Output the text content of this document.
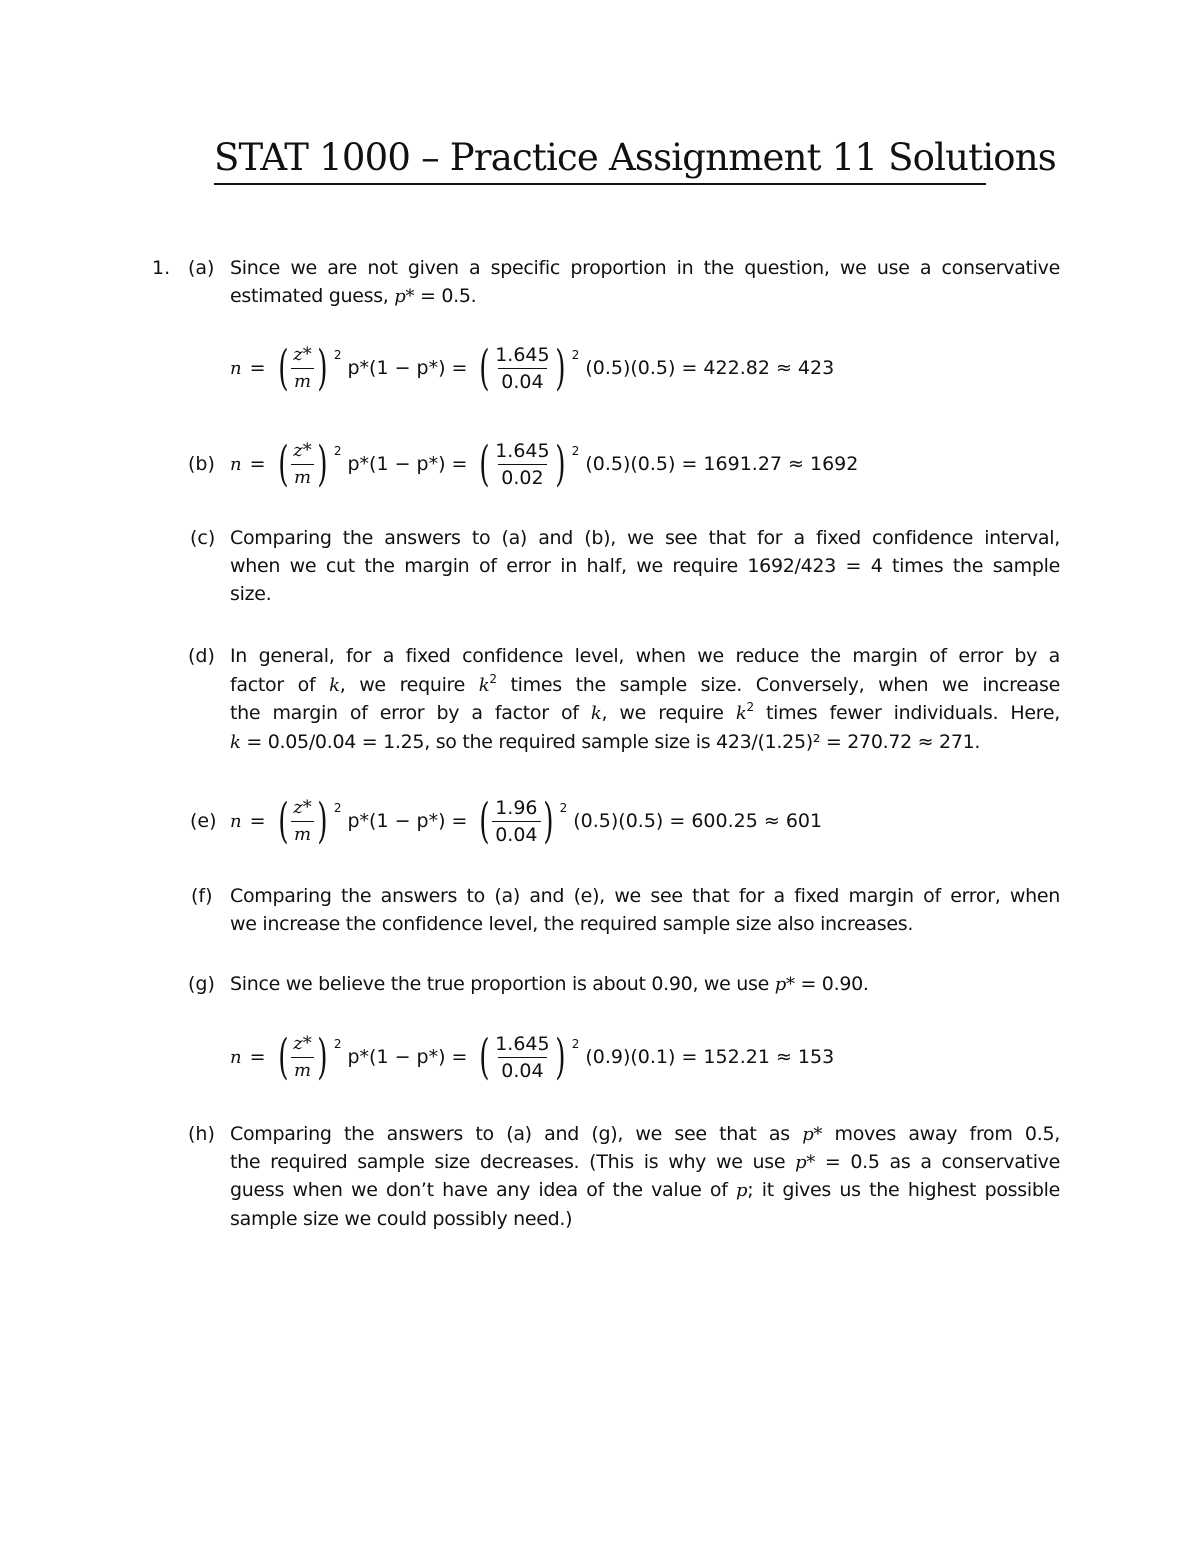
STAT 1000 – Practice Assignment 11 Solutions
1. (a) Since we are not given a specific proportion in the question, we use a conservative
estimated guess, p* = 0.5.
n = ( $\frac{z*}{m}$ ) 2
p*(1 − p*) = ( $\frac{1.645}{0.04}$ ) 2
(0.5)(0.5) = 422.82 ≈ 423
(b) n = ( $\frac{z*}{m}$ ) 2
p*(1 − p*) = ( $\frac{1.645}{0.02}$ ) 2
(0.5)(0.5) = 1691.27 ≈ 1692
(c) Comparing the answers to (a) and (b), we see that for a fixed confidence interval,
when we cut the margin of error in half, we require 1692/423 = 4 times the sample
size.
(d) In general, for a fixed confidence level, when we reduce the margin of error by a
factor of k, we require $k^2$ times the sample size. Conversely, when we increase
the margin of error by a factor of k, we require $k^2$ times fewer individuals. Here,
k = 0.05/0.04 = 1.25, so the required sample size is 423/(1.25)² = 270.72 ≈ 271.
(e) n = ( $\frac{z*}{m}$ ) 2
p*(1 − p*) = ( $\frac{1.96}{0.04}$ ) 2
(0.5)(0.5) = 600.25 ≈ 601
(f) Comparing the answers to (a) and (e), we see that for a fixed margin of error, when
we increase the confidence level, the required sample size also increases.
(g) Since we believe the true proportion is about 0.90, we use p* = 0.90.
n = ( $\frac{z*}{m}$ ) 2
p*(1 − p*) = ( $\frac{1.645}{0.04}$ ) 2
(0.9)(0.1) = 152.21 ≈ 153
(h) Comparing the answers to (a) and (g), we see that as p* moves away from 0.5,
the required sample size decreases. (This is why we use p* = 0.5 as a conservative
guess when we don’t have any idea of the value of p; it gives us the highest possible
sample size we could possibly need.)
